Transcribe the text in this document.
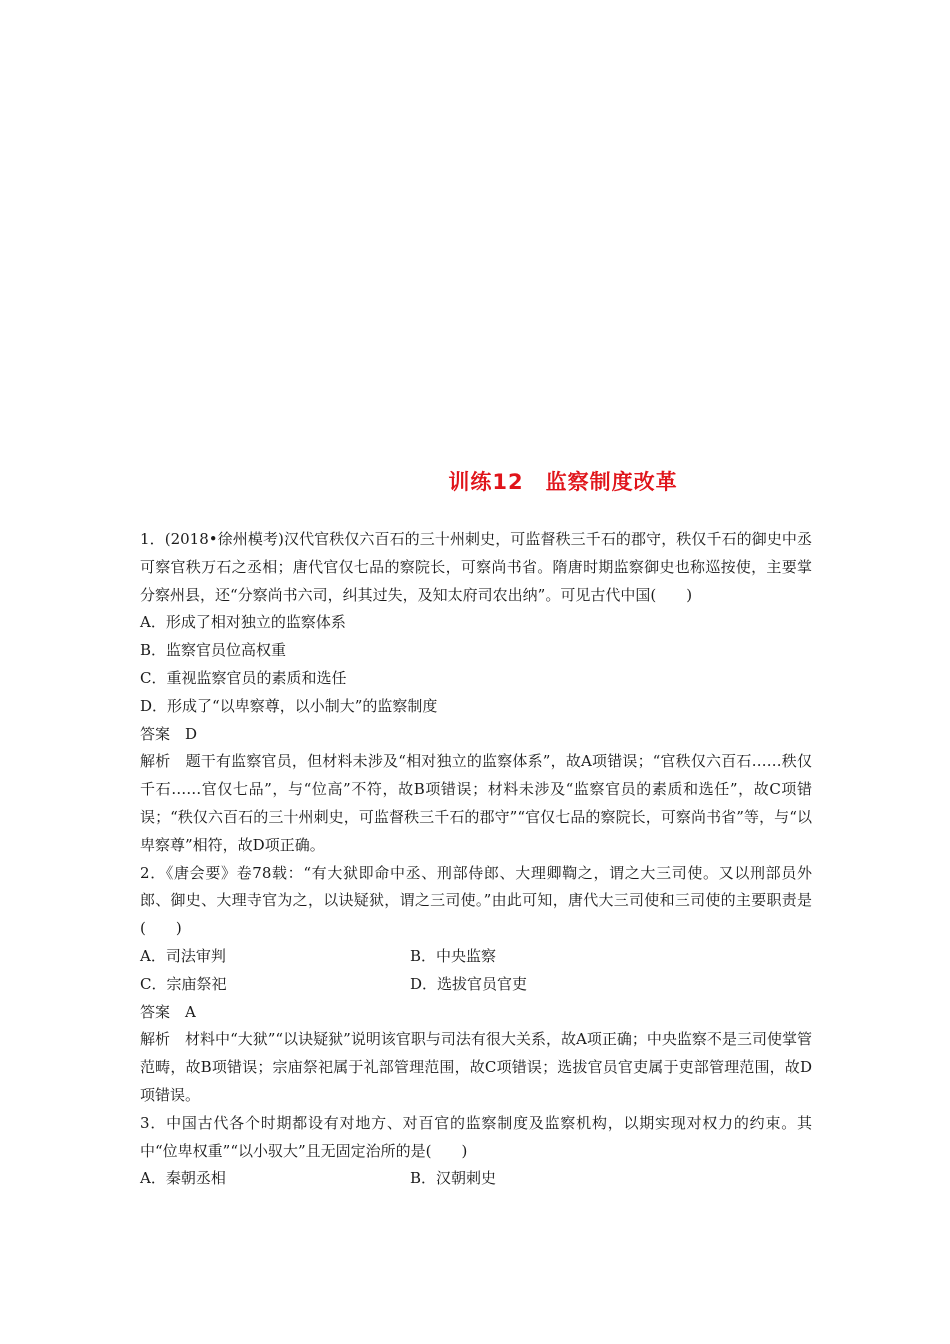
训练12　监察制度改革

1．(2018•徐州模考)汉代官秩仅六百石的三十州刺史，可监督秩三千石的郡守，秩仅千石的御史中丞可察官秩万石之丞相；唐代官仅七品的察院长，可察尚书省。隋唐时期监察御史也称巡按使，主要掌分察州县，还“分察尚书六司，纠其过失，及知太府司农出纳”。可见古代中国(　　)

A．形成了相对独立的监察体系

B．监察官员位高权重

C．重视监察官员的素质和选任

D．形成了“以卑察尊，以小制大”的监察制度

答案　D

解析　题干有监察官员，但材料未涉及“相对独立的监察体系”，故A项错误；“官秩仅六百石……秩仅千石……官仅七品”，与“位高”不符，故B项错误；材料未涉及“监察官员的素质和选任”，故C项错误；“秩仅六百石的三十州刺史，可监督秩三千石的郡守”“官仅七品的察院长，可察尚书省”等，与“以卑察尊”相符，故D项正确。

2．《唐会要》卷78载：“有大狱即命中丞、刑部侍郎、大理卿鞫之，谓之大三司使。又以刑部员外郎、御史、大理寺官为之，以诀疑狱，谓之三司使。”由此可知，唐代大三司使和三司使的主要职责是(　　)

A．司法审判	B．中央监察
C．宗庙祭祀	D．选拔官员官吏

答案　A

解析　材料中“大狱”“以诀疑狱”说明该官职与司法有很大关系，故A项正确；中央监察不是三司使掌管范畴，故B项错误；宗庙祭祀属于礼部管理范围，故C项错误；选拔官员官吏属于吏部管理范围，故D项错误。

3．中国古代各个时期都设有对地方、对百官的监察制度及监察机构，以期实现对权力的约束。其中“位卑权重”“以小驭大”且无固定治所的是(　　)

A．秦朝丞相	B．汉朝刺史
